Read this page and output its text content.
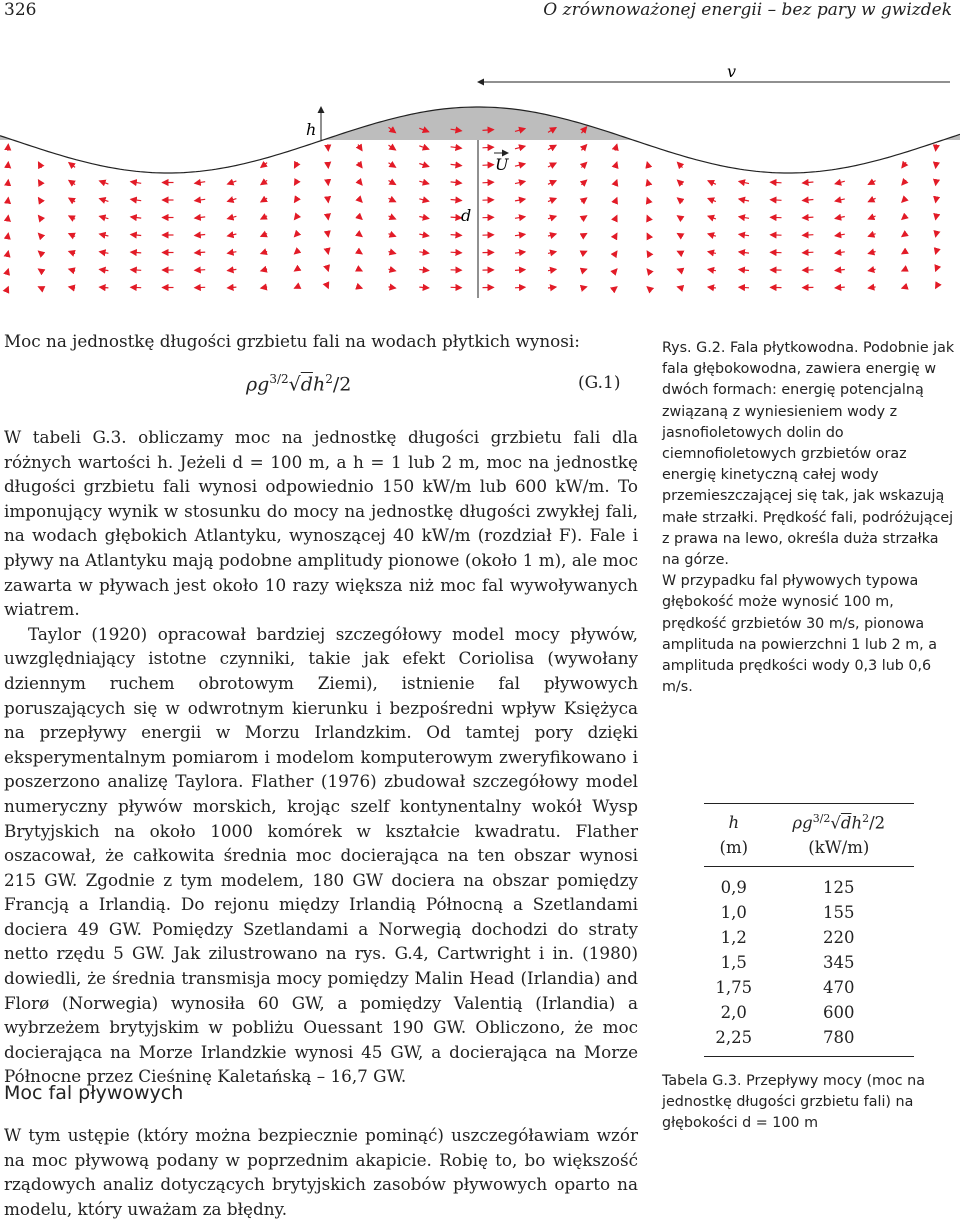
326	O zrównoważonej energii – bez pary w gwizdek
v
h
d
U

Moc na jednostkę długości grzbietu fali na wodach płytkich wynosi:

$\rho g^{3/2}√dh^2/2$	(G.1)

W tabeli G.3. obliczamy moc na jednostkę długości grzbietu fali dla różnych wartości h. Jeżeli d = 100 m, a h = 1 lub 2 m, moc na jednostkę długości grzbietu fali wynosi odpowiednio 150 kW/m lub 600 kW/m. To imponujący wynik w stosunku do mocy na jednostkę długości zwykłej fali, na wodach głębokich Atlantyku, wynoszącej 40 kW/m (rozdział F). Fale i pływy na Atlantyku mają podobne amplitudy pionowe (około 1 m), ale moc zawarta w pływach jest około 10 razy większa niż moc fal wywoływanych wiatrem.

Taylor (1920) opracował bardziej szczegółowy model mocy pływów, uwzględniający istotne czynniki, takie jak efekt Coriolisa (wywołany dziennym ruchem obrotowym Ziemi), istnienie fal pływowych poruszających się w odwrotnym kierunku i bezpośredni wpływ Księżyca na przepływy energii w Morzu Irlandzkim. Od tamtej pory dzięki eksperymentalnym pomiarom i modelom komputerowym zweryfikowano i poszerzono analizę Taylora. Flather (1976) zbudował szczegółowy model numeryczny pływów morskich, krojąc szelf kontynentalny wokół Wysp Brytyjskich na około 1000 komórek w kształcie kwadratu. Flather oszacował, że całkowita średnia moc docierająca na ten obszar wynosi 215 GW. Zgodnie z tym modelem, 180 GW dociera na obszar pomiędzy Francją a Irlandią. Do rejonu między Irlandią Północną a Szetlandami dociera 49 GW. Pomiędzy Szetlandami a Norwegią dochodzi do straty netto rzędu 5 GW. Jak zilustrowano na rys. G.4, Cartwright i in. (1980) dowiedli, że średnia transmisja mocy pomiędzy Malin Head (Irlandia) and Florø (Norwegia) wynosiła 60 GW, a pomiędzy Valentią (Irlandia) a wybrzeżem brytyjskim w pobliżu Ouessant 190 GW. Obliczono, że moc docierająca na Morze Irlandzkie wynosi 45 GW, a docierająca na Morze Północne przez Cieśninę Kaletańską – 16,7 GW.

Moc fal pływowych

W tym ustępie (który można bezpiecznie pominąć) uszczegóławiam wzór na moc pływową podany w poprzednim akapicie. Robię to, bo większość rządowych analiz dotyczących brytyjskich zasobów pływowych oparto na modelu, który uważam za błędny.

Rys. G.2. Fala płytkowodna. Podobnie jak fala głębokowodna, zawiera energię w dwóch formach: energię potencjalną związaną z wyniesieniem wody z jasnofioletowych dolin do ciemnofioletowych grzbietów oraz energię kinetyczną całej wody przemieszczającej się tak, jak wskazują małe strzałki. Prędkość fali, podróżującej z prawa na lewo, określa duża strzałka na górze.

W przypadku fal pływowych typowa głębokość może wynosić 100 m, prędkość grzbietów 30 m/s, pionowa amplituda na powierzchni 1 lub 2 m, a amplituda prędkości wody 0,3 lub 0,6 m/s.

h	$\rho g^{3/2}√dh^2/2$
(m)	(kW/m)
0,9	125
1,0	155
1,2	220
1,5	345
1,75	470
2,0	600
2,25	780

Tabela G.3. Przepływy mocy (moc na jednostkę długości grzbietu fali) na głębokości d = 100 m
